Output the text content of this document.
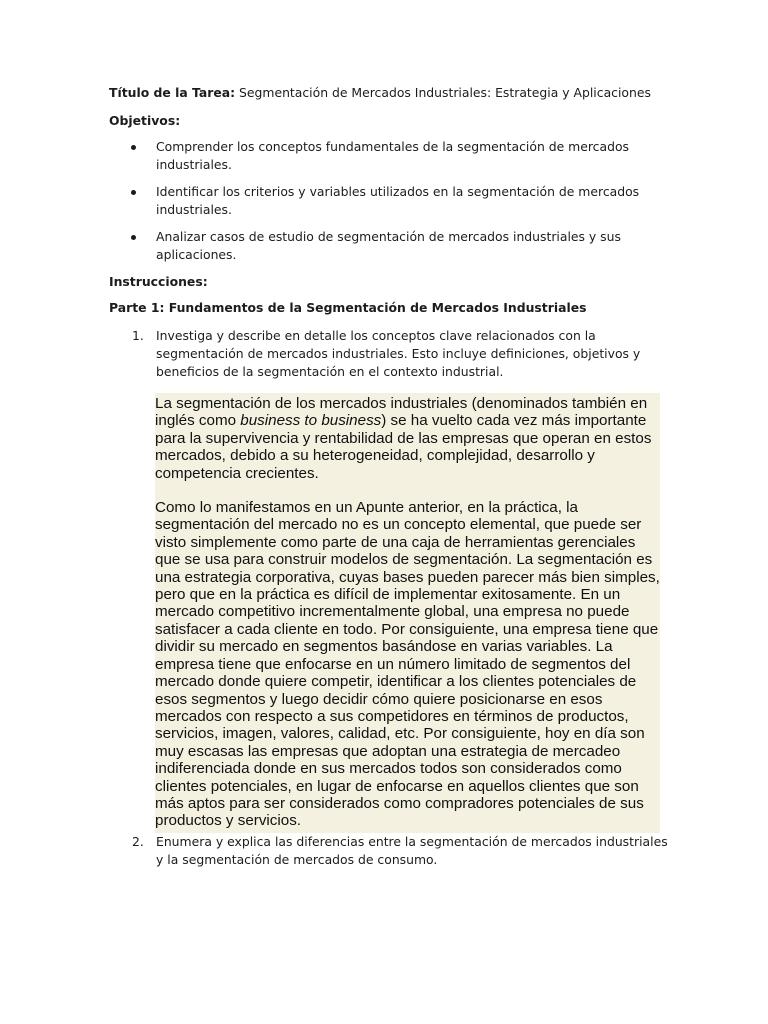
Título de la Tarea: Segmentación de Mercados Industriales: Estrategia y Aplicaciones

Objetivos:

Comprender los conceptos fundamentales de la segmentación de mercados industriales.
Identificar los criterios y variables utilizados en la segmentación de mercados industriales.
Analizar casos de estudio de segmentación de mercados industriales y sus aplicaciones.

Instrucciones:

Parte 1: Fundamentos de la Segmentación de Mercados Industriales

1. Investiga y describe en detalle los conceptos clave relacionados con la segmentación de mercados industriales. Esto incluye definiciones, objetivos y beneficios de la segmentación en el contexto industrial.

La segmentación de los mercados industriales (denominados también en inglés como business to business) se ha vuelto cada vez más importante para la supervivencia y rentabilidad de las empresas que operan en estos mercados, debido a su heterogeneidad, complejidad, desarrollo y competencia crecientes.

Como lo manifestamos en un Apunte anterior, en la práctica, la segmentación del mercado no es un concepto elemental, que puede ser visto simplemente como parte de una caja de herramientas gerenciales que se usa para construir modelos de segmentación. La segmentación es una estrategia corporativa, cuyas bases pueden parecer más bien simples, pero que en la práctica es difícil de implementar exitosamente. En un mercado competitivo incrementalmente global, una empresa no puede satisfacer a cada cliente en todo. Por consiguiente, una empresa tiene que dividir su mercado en segmentos basándose en varias variables. La empresa tiene que enfocarse en un número limitado de segmentos del mercado donde quiere competir, identificar a los clientes potenciales de esos segmentos y luego decidir cómo quiere posicionarse en esos mercados con respecto a sus competidores en términos de productos, servicios, imagen, valores, calidad, etc. Por consiguiente, hoy en día son muy escasas las empresas que adoptan una estrategia de mercadeo indiferenciada donde en sus mercados todos son considerados como clientes potenciales, en lugar de enfocarse en aquellos clientes que son más aptos para ser considerados como compradores potenciales de sus productos y servicios.

2. Enumera y explica las diferencias entre la segmentación de mercados industriales y la segmentación de mercados de consumo.
